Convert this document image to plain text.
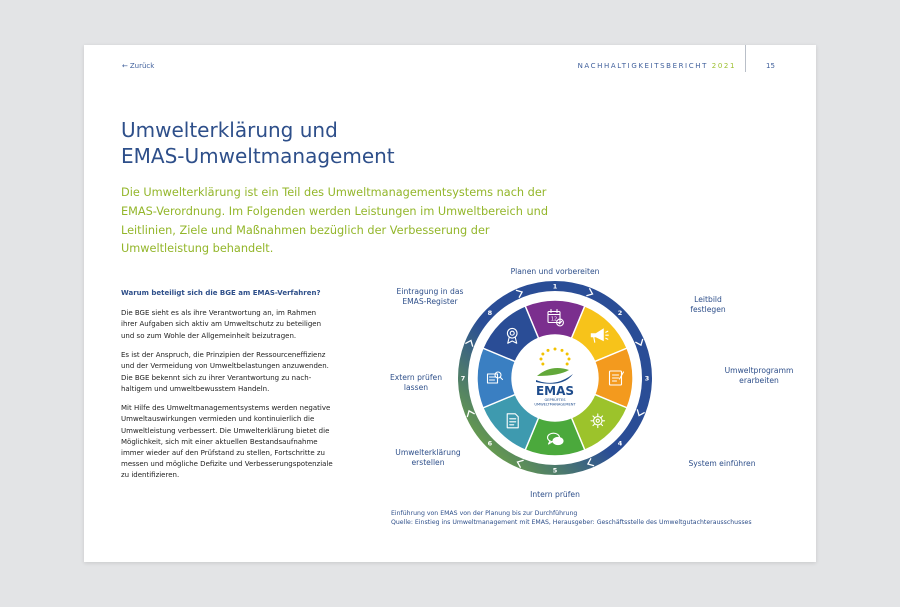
← Zurück	NACHHALTIGKEITSBERICHT 2021	15
Umwelterklärung und
EMAS-Umweltmanagement
Die Umwelterklärung ist ein Teil des Umweltmanagementsystems nach der EMAS-Verordnung. Im Folgenden werden Leistungen im Umweltbereich und Leitlinien, Ziele und Maßnahmen bezüglich der Verbesserung der Umweltleistung behandelt.
Warum beteiligt sich die BGE am EMAS-Verfahren?

Die BGE sieht es als ihre Verantwortung an, im Rahmen ihrer Aufgaben sich aktiv am Umweltschutz zu beteiligen und so zum Wohle der Allgemeinheit beizutragen.

Es ist der Anspruch, die Prinzipien der Ressourceneffizienz und der Vermeidung von Umweltbelastungen anzuwenden. Die BGE bekennt sich zu ihrer Verantwortung zu nachhaltigem und umweltbewusstem Handeln.

Mit Hilfe des Umweltmanagementsystems werden negative Umweltauswirkungen vermieden und kontinuierlich die Umweltleistung verbessert. Die Umwelterklärung bietet die Möglichkeit, sich mit einer aktuellen Bestandsaufnahme immer wieder auf den Prüfstand zu stellen, Fortschritte zu messen und mögliche Defizite und Verbesserungspotenziale zu identifizieren.

1
2
3
4
5
6
7
8
12
Planen und vorbereiten
Leitbild festlegen
Umweltprogramm erarbeiten
System einführen
Intern prüfen
Umwelterklärung erstellen
Extern prüfen lassen
Eintragung in das EMAS-Register
EMAS
GEPRÜFTES
UMWELTMANAGEMENT
Einführung von EMAS von der Planung bis zur Durchführung
Quelle: Einstieg ins Umweltmanagement mit EMAS, Herausgeber: Geschäftsstelle des Umweltgutachterausschusses
